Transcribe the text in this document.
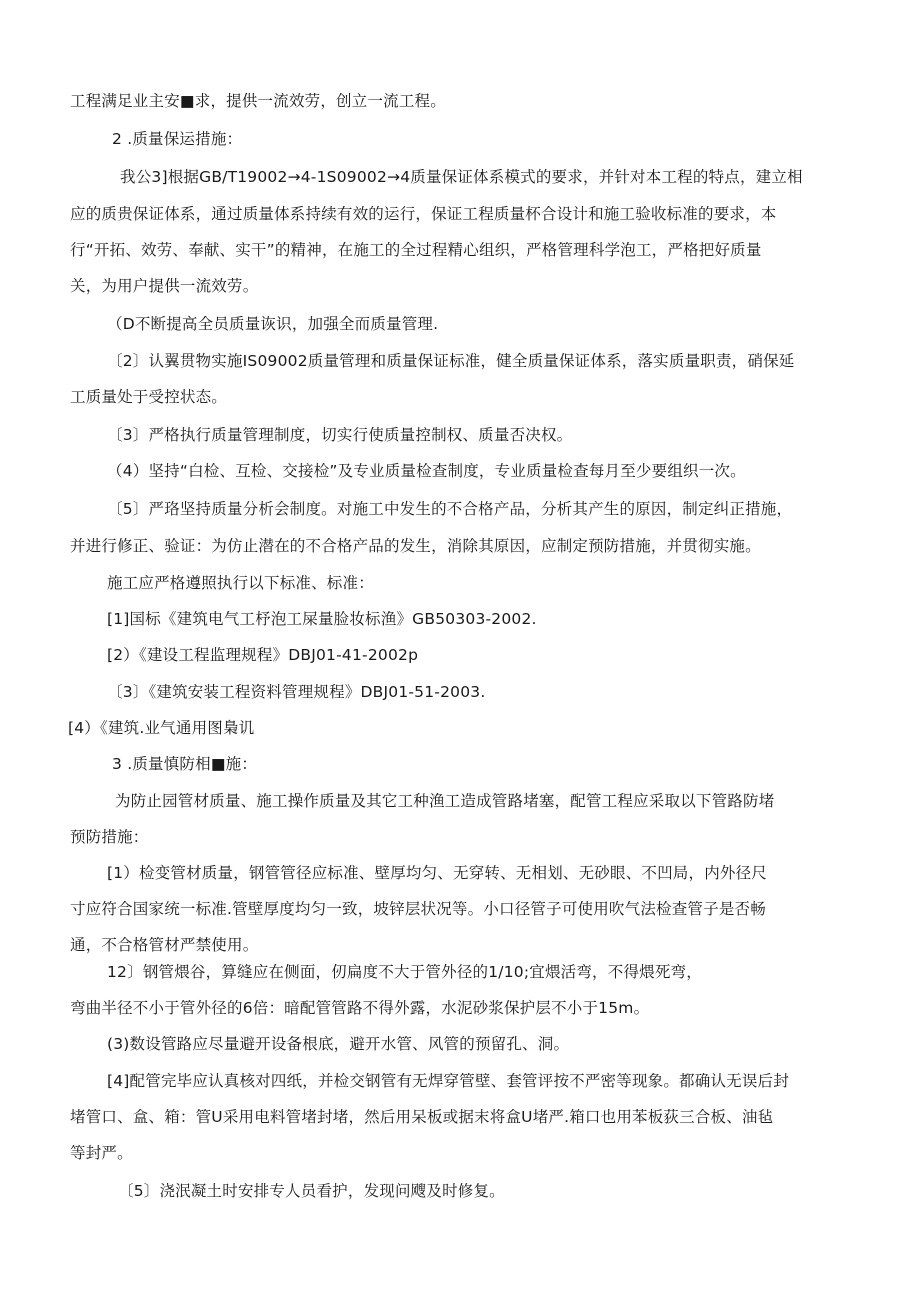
工程满足业主安■求，提供一流效劳，创立一流工程。
2 .质量保运措施：
我公3]根据GB/T19002→4-1S09002→4质量保证体系模式的要求，并针对本工程的特点，建立相
应的质贵保证体系，通过质量体系持续有效的运行，保证工程质量杯合设计和施工验收标准的要求，本
行“开拓、效劳、奉献、实干”的精神，在施工的全过程精心组织，严格管理科学泡工，严格把好质量
关，为用户提供一流效劳。
（D不断提高全员质量诙识，加强全而质量管理.
〔2〕认翼贯物实施IS09002质量管理和质量保证标准，健全质量保证体系，落实质量职责，硝保延
工质量处于受控状态。
〔3〕严格执行质量管理制度，切实行使质量控制权、质量否决权。
（4）坚持“白检、互检、交接检”及专业质量检查制度，专业质量检查每月至少要组织一次。
〔5〕严珞坚持质量分析会制度。对施工中发生的不合格产品，分析其产生的原因，制定纠正措施，
并进行修正、验证：为仿止潜在的不合格产品的发生，消除其原因，应制定预防措施，并贯彻实施。
施工应严格遵照执行以下标准、标准：
[1]国标《建筑电气工杼泡工屎量脸妆标渔》GB50303-2002.
[2）《建设工程监理规程》DBJ01-41-2002p
〔3〕《建筑安装工程资料管理规程》DBJ01-51-2003.
[4）《建筑.业气通用图梟讥
3 .质量慎防相■施：
为防止园管材质量、施工操作质量及其它工种渔工造成管路堵塞，配管工程应采取以下管路防堵
预防措施：
[1）检变管材质量，钢管管径应标准、壁厚均匀、无穿转、无相划、无砂眼、不凹局，内外径尺
寸应符合国家统一标准.管壁厚度均匀一致，坡锌层状况等。小口径管子可使用吹气法检查管子是否畅
通，不合格管材严禁使用。
12〕钢管煨谷，算缝应在侧面，仞扁度不大于管外径的1/10;宜煨活弯，不得煨死弯，
弯曲半径不小于管外径的6倍：暗配管管路不得外露，水泥砂浆保护层不小于15m。
(3)数设管路应尽量避开设备根底，避开水管、风管的预留孔、洞。
[4]配管完毕应认真核对四纸，并检交钢管有无焊穿管壁、套管评按不严密等现象。都确认无误后封
堵管口、盒、箱：管U采用电料管堵封堵，然后用呆板或据末将盒U堵严.箱口也用苯板荻三合板、油毡
等封严。
〔5〕浇泯凝土时安排专人员看护，发现问飕及时修复。
